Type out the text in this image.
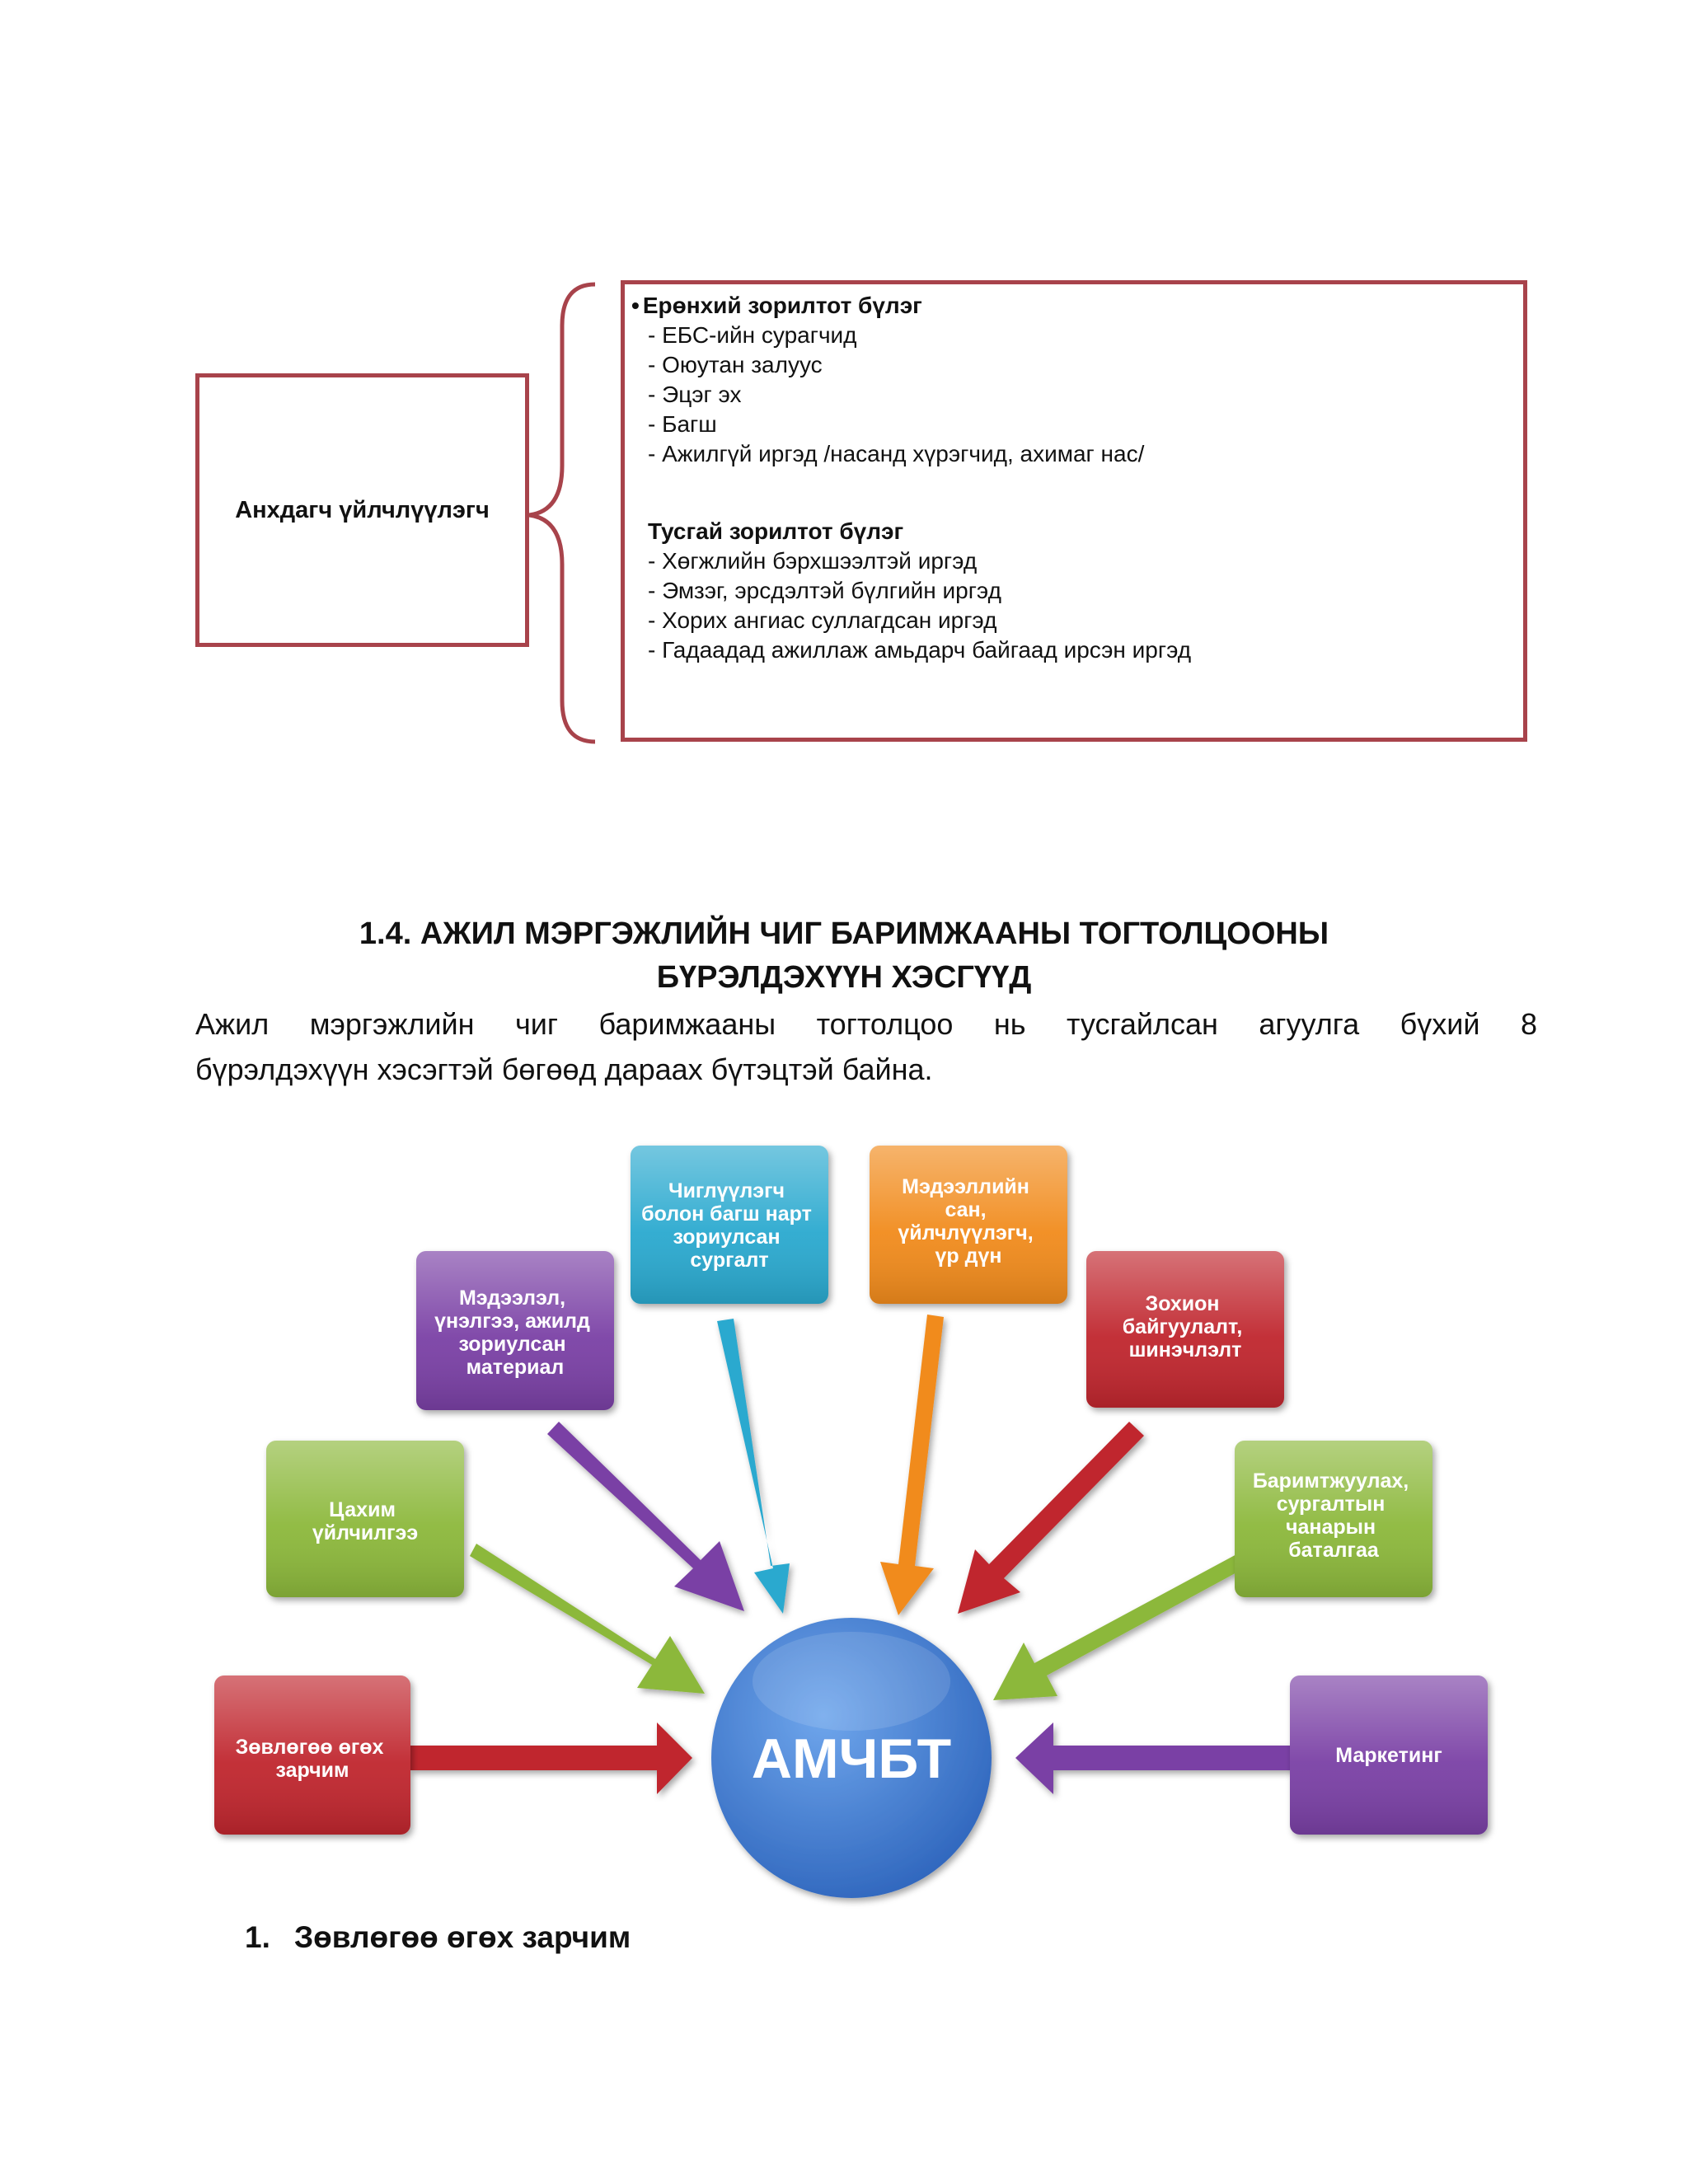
Анхдагч үйлчлүүлэгч
• Ерөнхий зорилтот бүлэг
- ЕБС-ийн сурагчид
- Оюутан залуус
- Эцэг эх
- Багш
- Ажилгүй иргэд /насанд хүрэгчид, ахимаг нас/
Тусгай зорилтот бүлэг
- Хөгжлийн бэрхшээлтэй иргэд
- Эмзэг, эрсдэлтэй бүлгийн иргэд
- Хорих ангиас суллагдсан иргэд
- Гадаадад ажиллаж амьдарч байгаад ирсэн иргэд
1.4. АЖИЛ МЭРГЭЖЛИЙН ЧИГ БАРИМЖААНЫ ТОГТОЛЦООНЫ
БҮРЭЛДЭХҮҮН ХЭСГҮҮД
Ажил мэргэжлийн чиг баримжааны тогтолцоо нь тусгайлсан агуулга бүхий 8
бүрэлдэхүүн хэсэгтэй бөгөөд дараах бүтэцтэй байна.
АМЧБТ
Зөвлөгөө өгөх зарчим
Цахим үйлчилгээ
Мэдээлэл, үнэлгээ, ажилд зориулсан материал
Чиглүүлэгч болон багш нарт зориулсан сургалт
Мэдээллийн сан, үйлчлүүлэгч, үр дүн
Зохион байгуулалт, шинэчлэлт
Баримтжуулах, сургалтын чанарын баталгаа
Маркетинг
1. Зөвлөгөө өгөх зарчим
